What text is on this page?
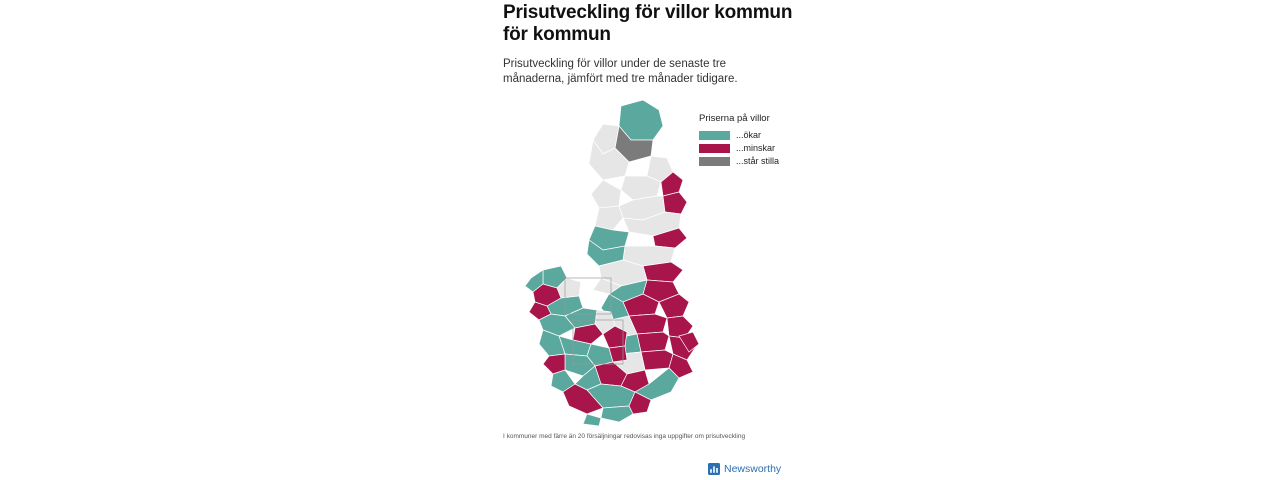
Prisutveckling för villor kommun för kommun

Prisutveckling för villor under de senaste tre månaderna, jämfört med tre månader tidigare.

Priserna på villor
...ökar
...minskar
...står stilla
I kommuner med färre än 20 försäljningar redovisas inga uppgifter om prisutveckling
Newsworthy
